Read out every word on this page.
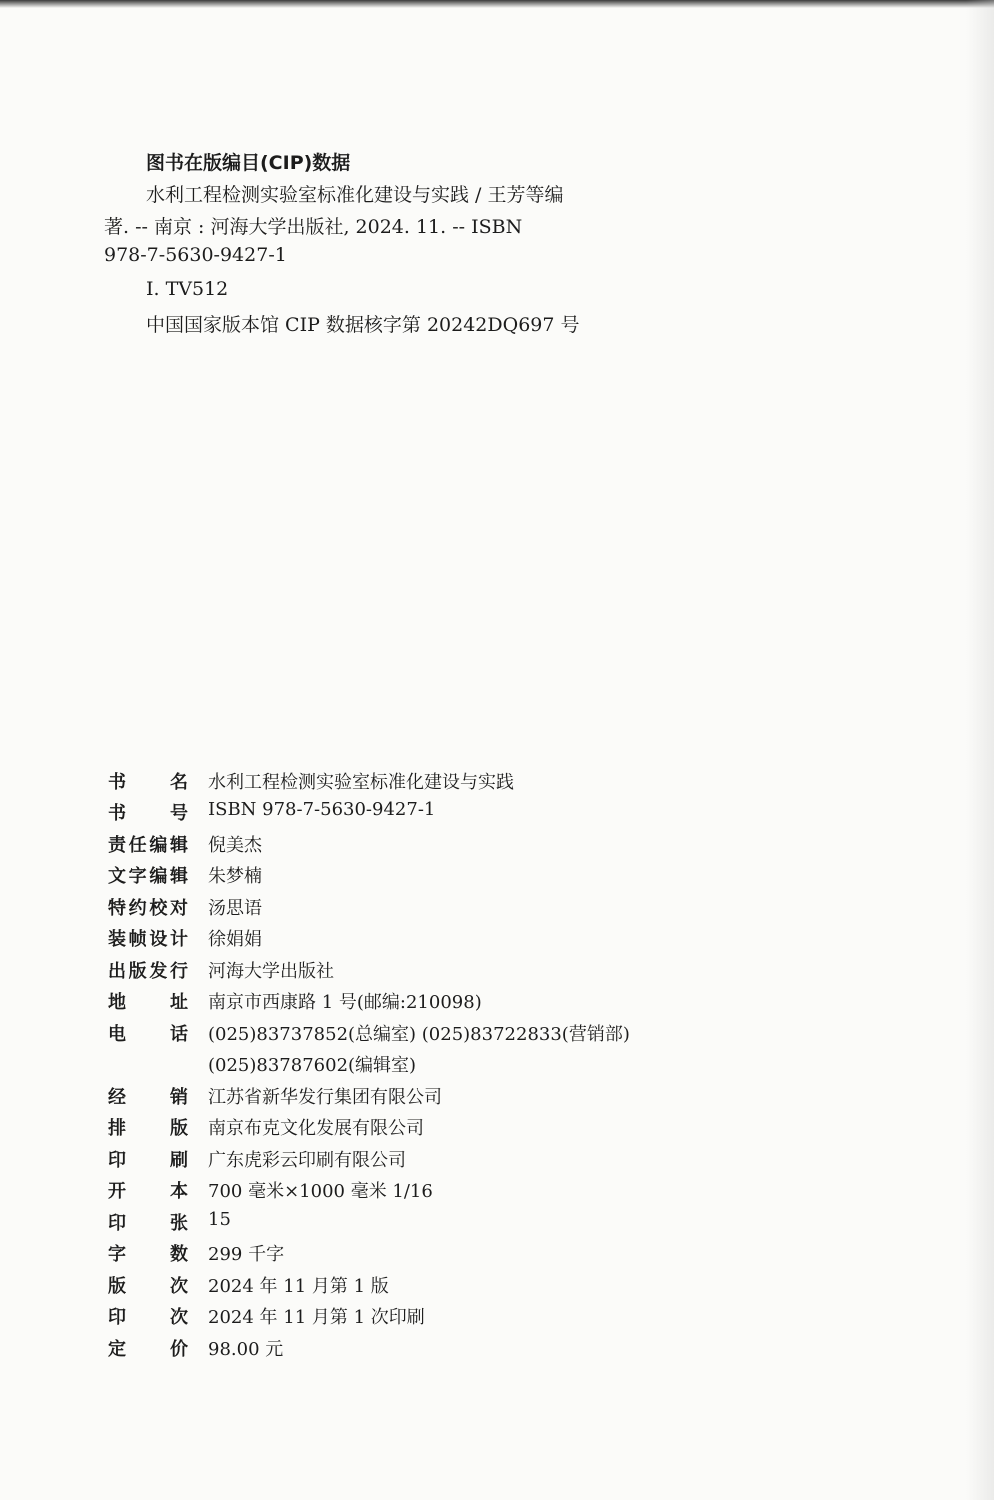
图书在版编目(CIP)数据
水利工程检测实验室标准化建设与实践 / 王芳等编
著. -- 南京 : 河海大学出版社, 2024. 11. -- ISBN
978-7-5630-9427-1
Ⅰ. TV512
中国国家版本馆 CIP 数据核字第 20242DQ697 号
书名 水利工程检测实验室标准化建设与实践
书号 ISBN 978-7-5630-9427-1
责任编辑 倪美杰
文字编辑 朱梦楠
特约校对 汤思语
装帧设计 徐娟娟
出版发行 河海大学出版社
地址 南京市西康路 1 号(邮编:210098)
电话 (025)83737852(总编室) (025)83722833(营销部)
(025)83787602(编辑室)
经销 江苏省新华发行集团有限公司
排版 南京布克文化发展有限公司
印刷 广东虎彩云印刷有限公司
开本 700 毫米×1000 毫米 1/16
印张 15
字数 299 千字
版次 2024 年 11 月第 1 版
印次 2024 年 11 月第 1 次印刷
定价 98.00 元
